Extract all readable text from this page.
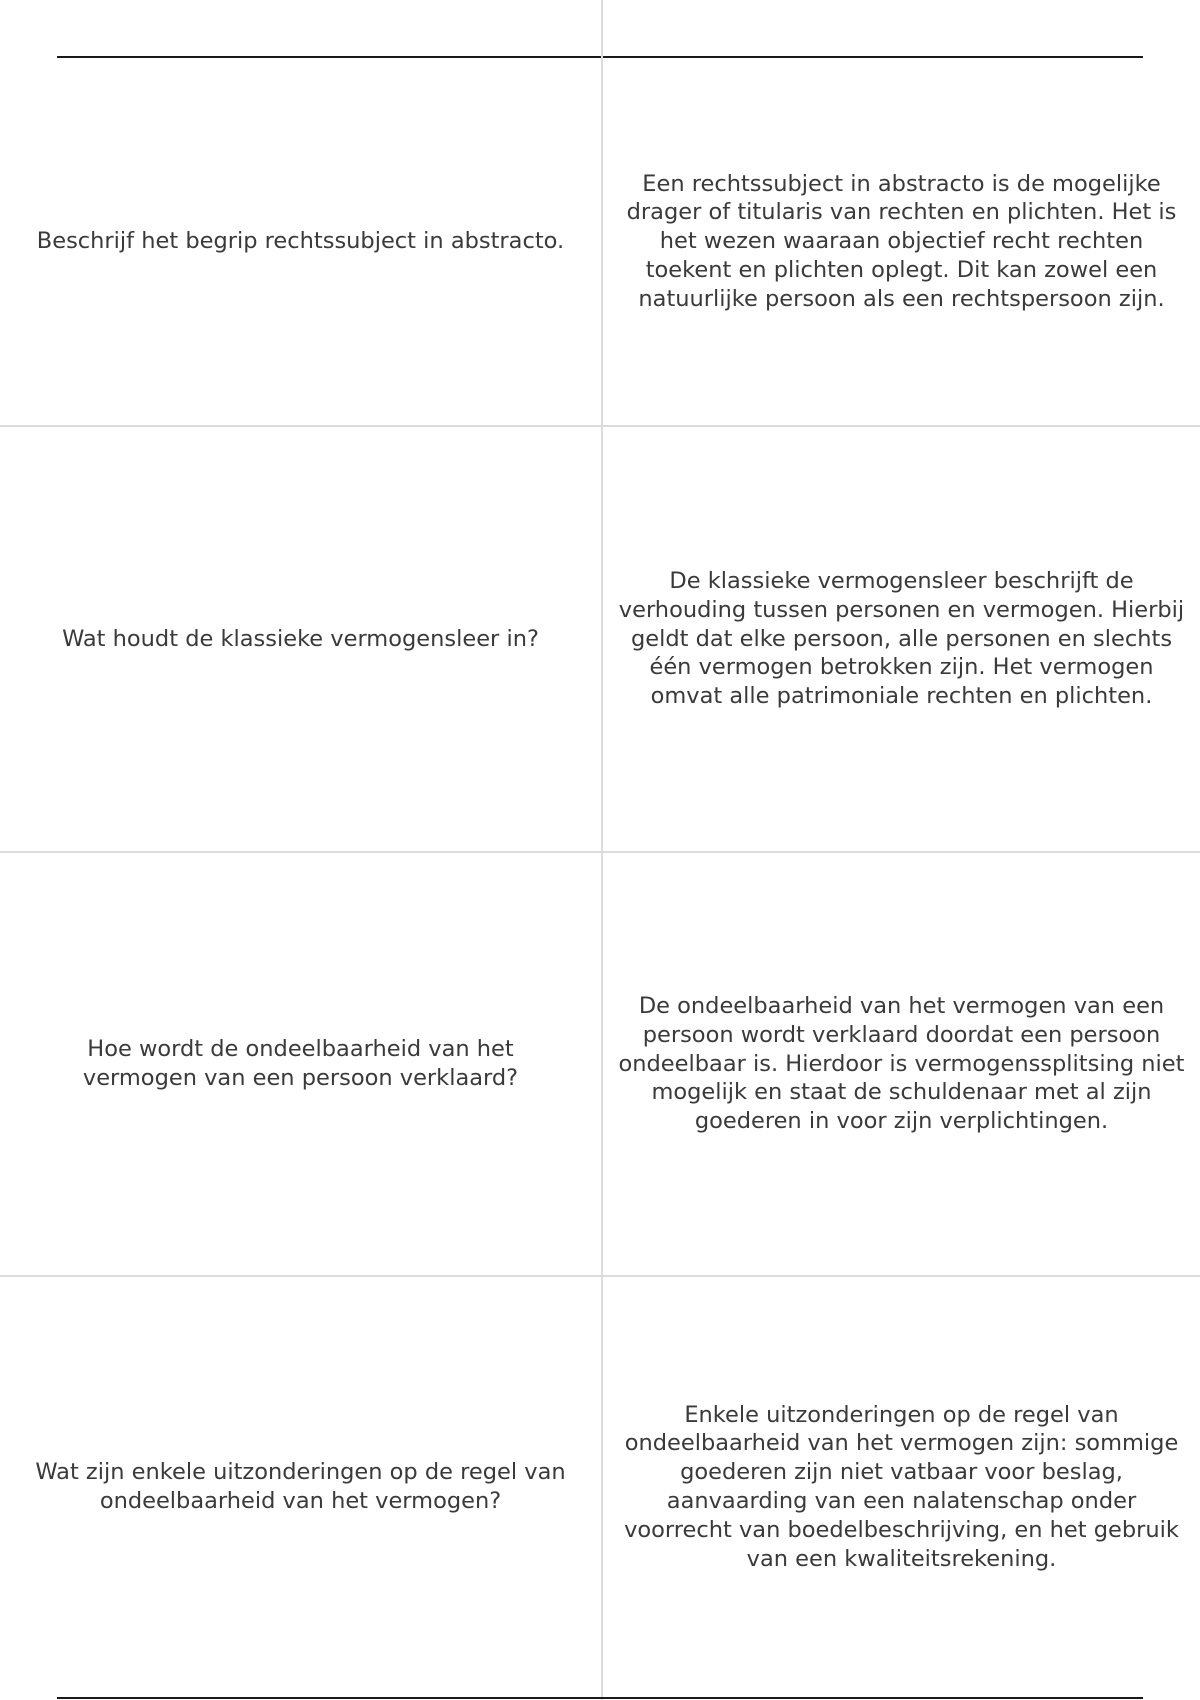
Beschrijf het begrip rechtssubject in abstracto.
Een rechtssubject in abstracto is de mogelijke drager of titularis van rechten en plichten. Het is het wezen waaraan objectief recht rechten toekent en plichten oplegt. Dit kan zowel een natuurlijke persoon als een rechtspersoon zijn.
Wat houdt de klassieke vermogensleer in?
De klassieke vermogensleer beschrijft de verhouding tussen personen en vermogen. Hierbij geldt dat elke persoon, alle personen en slechts één vermogen betrokken zijn. Het vermogen omvat alle patrimoniale rechten en plichten.
Hoe wordt de ondeelbaarheid van het vermogen van een persoon verklaard?
De ondeelbaarheid van het vermogen van een persoon wordt verklaard doordat een persoon ondeelbaar is. Hierdoor is vermogenssplitsing niet mogelijk en staat de schuldenaar met al zijn goederen in voor zijn verplichtingen.
Wat zijn enkele uitzonderingen op de regel van ondeelbaarheid van het vermogen?
Enkele uitzonderingen op de regel van ondeelbaarheid van het vermogen zijn: sommige goederen zijn niet vatbaar voor beslag, aanvaarding van een nalatenschap onder voorrecht van boedelbeschrijving, en het gebruik van een kwaliteitsrekening.
